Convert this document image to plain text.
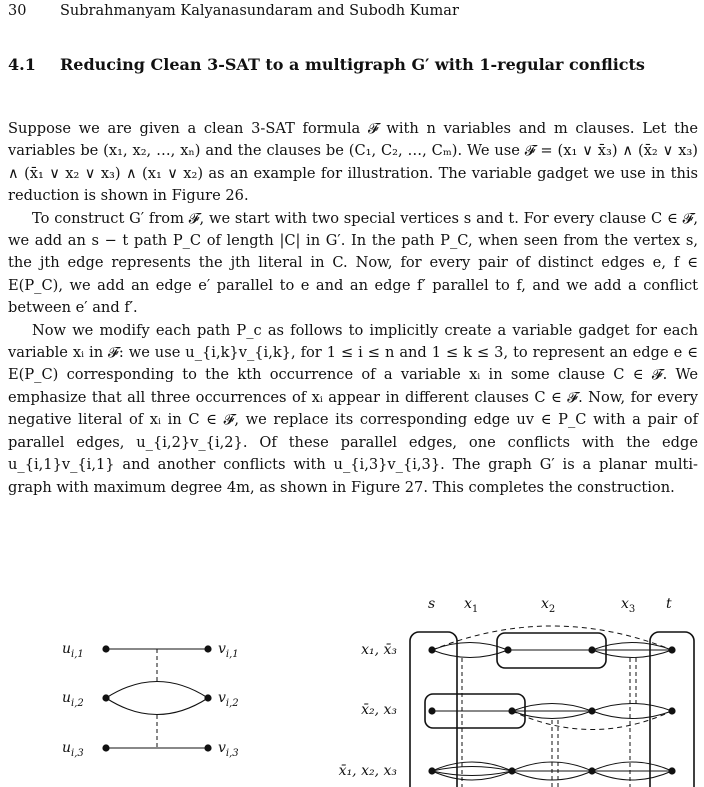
30 Subrahmanyam Kalyanasundaram and Subodh Kumar
4.1 Reducing Clean 3-SAT to a multigraph G′ with 1-regular conflicts

Suppose we are given a clean 3-SAT formula 𝓕 with n variables and m clauses. Let the variables be (x₁, x₂, …, xₙ) and the clauses be (C₁, C₂, …, Cₘ). We use 𝓕 = (x₁ ∨ x̄₃) ∧ (x̄₂ ∨ x₃) ∧ (x̄₁ ∨ x₂ ∨ x₃) ∧ (x₁ ∨ x₂) as an example for illustration. The variable gadget we use in this reduction is shown in Figure 26.

To construct G′ from 𝓕, we start with two special vertices s and t. For every clause C ∈ 𝓕, we add an s − t path P_C of length |C| in G′. In the path P_C, when seen from the vertex s, the jth edge represents the jth literal in C. Now, for every pair of distinct edges e, f ∈ E(P_C), we add an edge e′ parallel to e and an edge f′ parallel to f, and we add a conflict between e′ and f′.

Now we modify each path P_c as follows to implicitly create a variable gadget for each variable xᵢ in 𝓕: we use u_{i,k}v_{i,k}, for 1 ≤ i ≤ n and 1 ≤ k ≤ 3, to represent an edge e ∈ E(P_C) corresponding to the kth occurrence of a variable xᵢ in some clause C ∈ 𝓕. We emphasize that all three occurrences of xᵢ appear in different clauses C ∈ 𝓕. Now, for every negative literal of xᵢ in C ∈ 𝓕, we replace its corresponding edge uv ∈ P_C with a pair of parallel edges, u_{i,2}v_{i,2}. Of these parallel edges, one conflicts with the edge u_{i,1}v_{i,1} and another conflicts with u_{i,3}v_{i,3}. The graph G′ is a planar multi-graph with maximum degree 4m, as shown in Figure 27. This completes the construction.

$u_{i,1}$
$u_{i,2}$
$u_{i,3}$
$v_{i,1}$
$v_{i,2}$
$v_{i,3}$
s $x_1$	$x_2$	$x_3$ t
x₁, x̄₃
x̄₂, x₃
x̄₁, x₂, x₃
